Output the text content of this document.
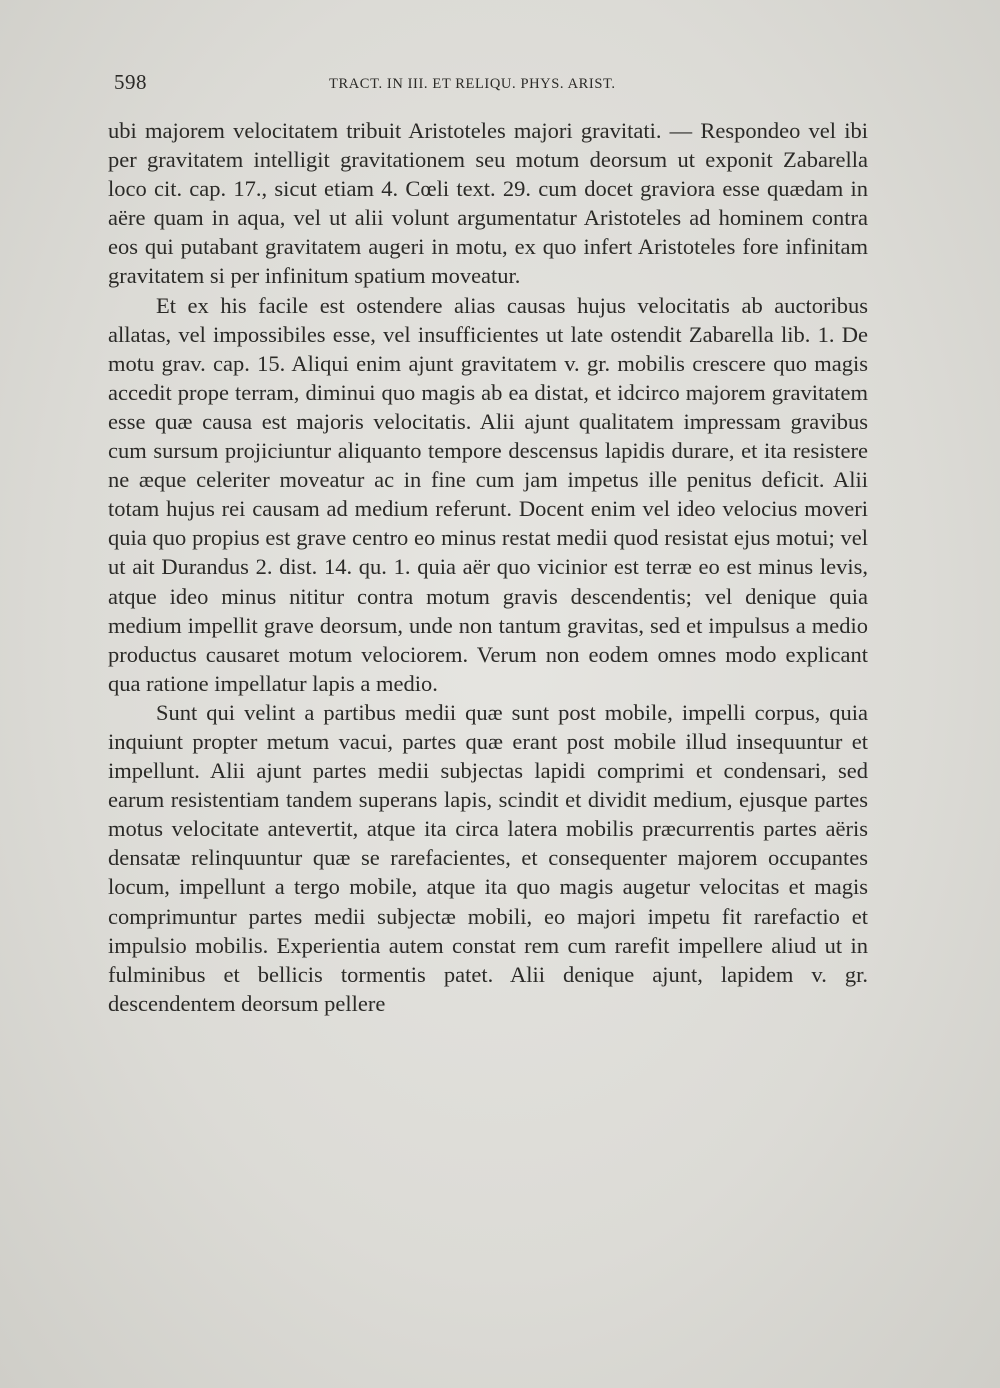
598	TRACT. IN III. ET RELIQU. PHYS. ARIST.

ubi majorem velocitatem tribuit Aristoteles majori gravitati. — Respondeo vel ibi per gravitatem intelligit gravitationem seu motum deorsum ut exponit Zabarella loco cit. cap. 17., sicut etiam 4. Cœli text. 29. cum docet graviora esse quædam in aëre quam in aqua, vel ut alii volunt argumentatur Aristoteles ad hominem contra eos qui putabant gravitatem augeri in motu, ex quo infert Aristoteles fore infinitam gravitatem si per infinitum spatium moveatur.

Et ex his facile est ostendere alias causas hujus velocitatis ab auctoribus allatas, vel impossibiles esse, vel insufficientes ut late ostendit Zabarella lib. 1. De motu grav. cap. 15. Aliqui enim ajunt gravitatem v. gr. mobilis crescere quo magis accedit prope terram, diminui quo magis ab ea distat, et idcirco majorem gravitatem esse quæ causa est majoris velocitatis. Alii ajunt qualitatem impressam gravibus cum sursum projiciuntur aliquanto tempore descensus lapidis durare, et ita resistere ne æque celeriter moveatur ac in fine cum jam impetus ille penitus deficit. Alii totam hujus rei causam ad medium referunt. Docent enim vel ideo velocius moveri quia quo propius est grave centro eo minus restat medii quod resistat ejus motui; vel ut ait Durandus 2. dist. 14. qu. 1. quia aër quo vicinior est terræ eo est minus levis, atque ideo minus nititur contra motum gravis descendentis; vel denique quia medium impellit grave deorsum, unde non tantum gravitas, sed et impulsus a medio productus causaret motum velociorem. Verum non eodem omnes modo explicant qua ratione impellatur lapis a medio.

Sunt qui velint a partibus medii quæ sunt post mobile, impelli corpus, quia inquiunt propter metum vacui, partes quæ erant post mobile illud insequuntur et impellunt. Alii ajunt partes medii subjectas lapidi comprimi et condensari, sed earum resistentiam tandem superans lapis, scindit et dividit medium, ejusque partes motus velocitate antevertit, atque ita circa latera mobilis præcurrentis partes aëris densatæ relinquuntur quæ se rarefacientes, et consequenter majorem occupantes locum, impellunt a tergo mobile, atque ita quo magis augetur velocitas et magis comprimuntur partes medii subjectæ mobili, eo majori impetu fit rarefactio et impulsio mobilis. Experientia autem constat rem cum rarefit impellere aliud ut in fulminibus et bellicis tormentis patet. Alii denique ajunt, lapidem v. gr. descendentem deorsum pellere
